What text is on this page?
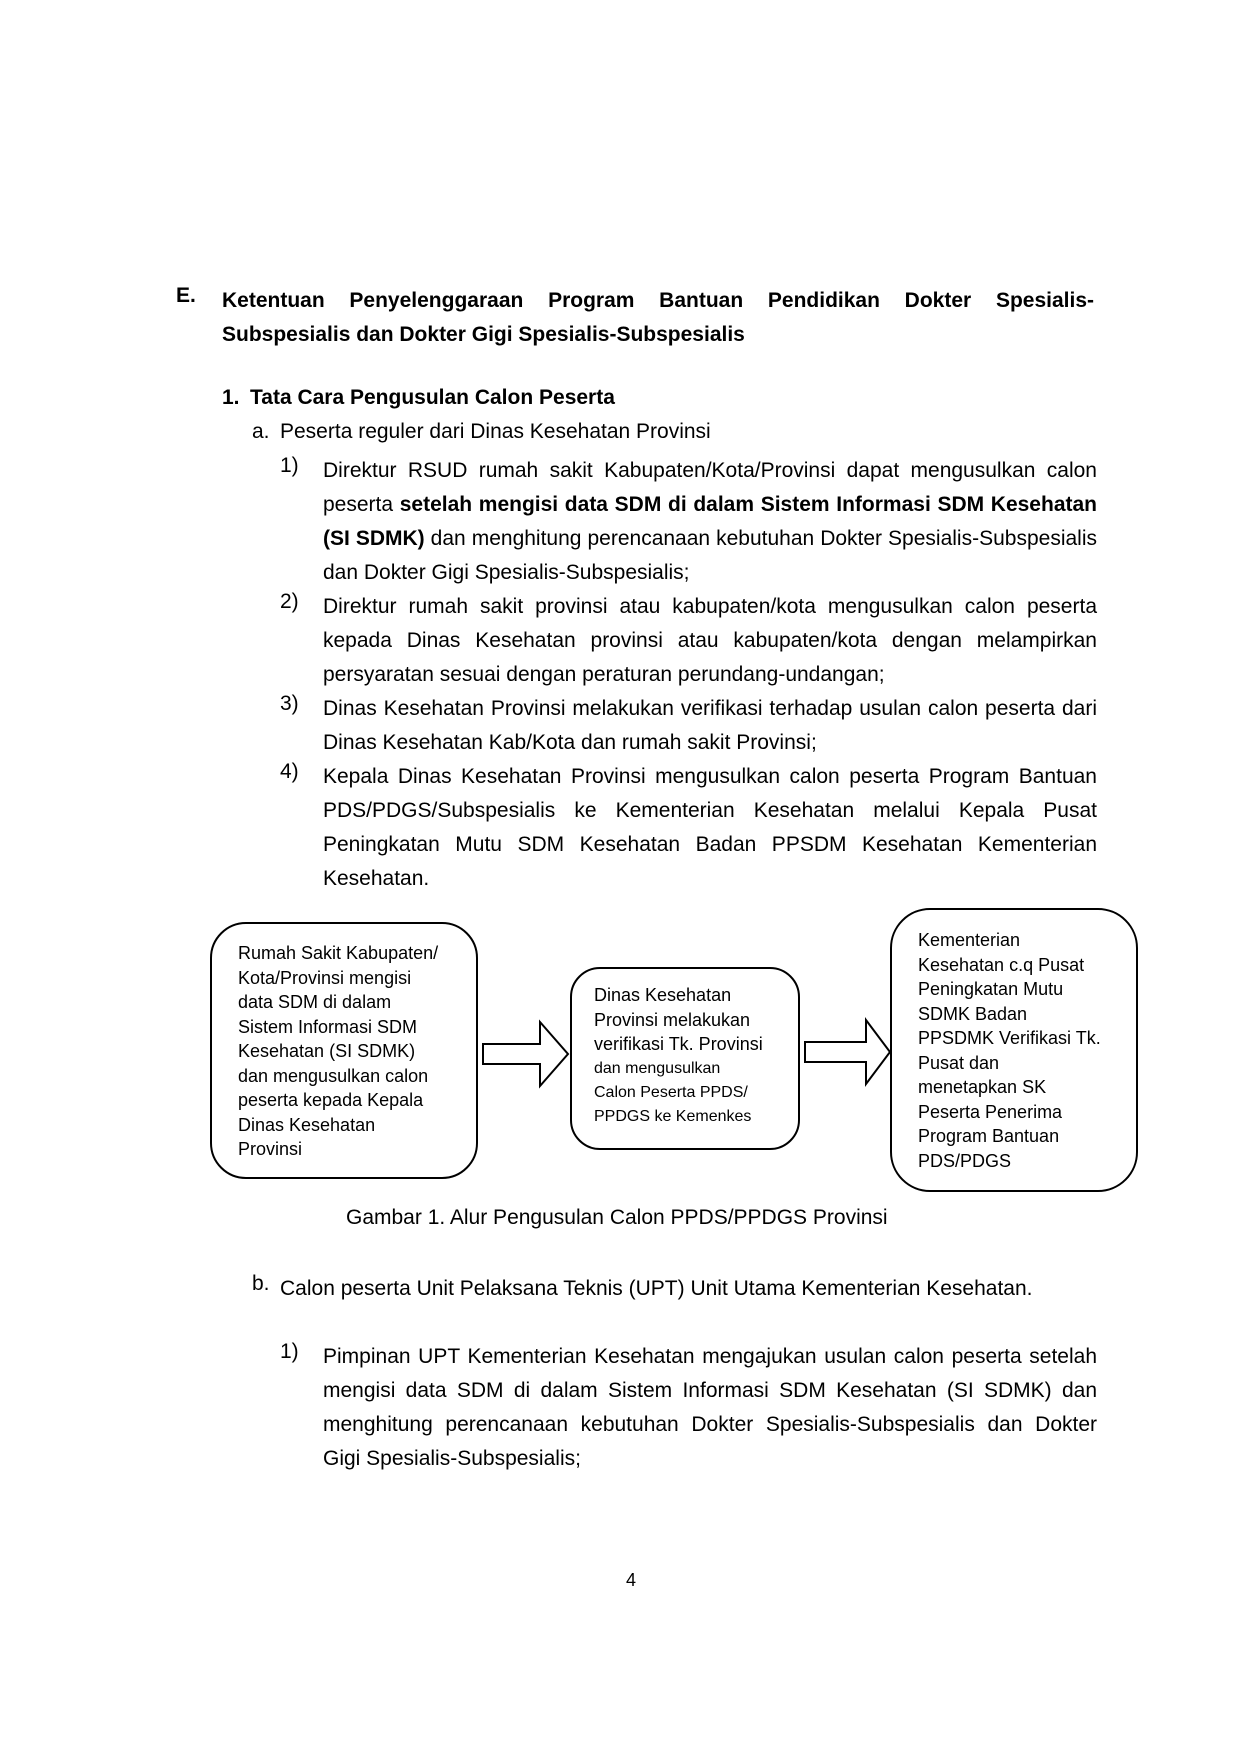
E. Ketentuan Penyelenggaraan Program Bantuan Pendidikan Dokter Spesialis-Subspesialis dan Dokter Gigi Spesialis-Subspesialis
1. Tata Cara Pengusulan Calon Peserta
a. Peserta reguler dari Dinas Kesehatan Provinsi
1) Direktur RSUD rumah sakit Kabupaten/Kota/Provinsi dapat mengusulkan calon peserta setelah mengisi data SDM di dalam Sistem Informasi SDM Kesehatan (SI SDMK) dan menghitung perencanaan kebutuhan Dokter Spesialis-Subspesialis dan Dokter Gigi Spesialis-Subspesialis;
2) Direktur rumah sakit provinsi atau kabupaten/kota mengusulkan calon peserta kepada Dinas Kesehatan provinsi atau kabupaten/kota dengan melampirkan persyaratan sesuai dengan peraturan perundang-undangan;
3) Dinas Kesehatan Provinsi melakukan verifikasi terhadap usulan calon peserta dari Dinas Kesehatan Kab/Kota dan rumah sakit Provinsi;
4) Kepala Dinas Kesehatan Provinsi mengusulkan calon peserta Program Bantuan PDS/PDGS/Subspesialis ke Kementerian Kesehatan melalui Kepala Pusat Peningkatan Mutu SDM Kesehatan Badan PPSDM Kesehatan Kementerian Kesehatan.
Rumah Sakit Kabupaten/
Kota/Provinsi mengisi
data SDM di dalam
Sistem Informasi SDM
Kesehatan (SI SDMK)
dan mengusulkan calon
peserta kepada Kepala
Dinas Kesehatan
Provinsi
Dinas Kesehatan
Provinsi melakukan
verifikasi Tk. Provinsi
dan mengusulkan
Calon Peserta PPDS/
PPDGS ke Kemenkes
Kementerian
Kesehatan c.q Pusat
Peningkatan Mutu
SDMK Badan
PPSDMK Verifikasi Tk.
Pusat dan
menetapkan SK
Peserta Penerima
Program Bantuan
PDS/PDGS
Gambar 1. Alur Pengusulan Calon PPDS/PPDGS Provinsi
b. Calon peserta Unit Pelaksana Teknis (UPT) Unit Utama Kementerian Kesehatan.
1) Pimpinan UPT Kementerian Kesehatan mengajukan usulan calon peserta setelah mengisi data SDM di dalam Sistem Informasi SDM Kesehatan (SI SDMK) dan menghitung perencanaan kebutuhan Dokter Spesialis-Subspesialis dan Dokter Gigi Spesialis-Subspesialis;
4
